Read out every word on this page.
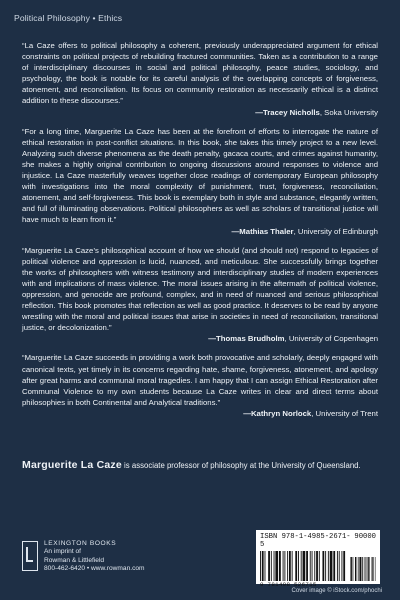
Political Philosophy • Ethics

“La Caze offers to political philosophy a coherent, previously underappreciated argument for ethical constraints on political projects of rebuilding fractured communities. Taken as a contribution to a range of interdisciplinary discourses in social and political philosophy, peace studies, sociology, and psychology, the book is notable for its careful analysis of the overlapping concepts of forgiveness, atonement, and reconciliation. Its focus on community restoration as necessarily ethical is a distinct addition to these discourses.”

—Tracey Nicholls, Soka University

“For a long time, Marguerite La Caze has been at the forefront of efforts to interrogate the nature of ethical restoration in post-conflict situations. In this book, she takes this timely project to a new level. Analyzing such diverse phenomena as the death penalty, gacaca courts, and crimes against humanity, she makes a highly original contribution to ongoing discussions around responses to violence and injustice. La Caze masterfully weaves together close readings of contemporary European philosophy with investigations into the moral complexity of punishment, trust, forgiveness, reconciliation, atonement, and self-forgiveness. This book is exemplary both in style and substance, elegantly written, and full of illuminating observations. Political philosophers as well as scholars of transitional justice will have much to learn from it.”

—Mathias Thaler, University of Edinburgh

“Marguerite La Caze’s philosophical account of how we should (and should not) respond to legacies of political violence and oppression is lucid, nuanced, and meticulous. She successfully brings together the works of philosophers with witness testimony and interdisciplinary studies of modern experiences with and implications of mass violence. The moral issues arising in the aftermath of political violence, oppression, and genocide are profound, complex, and in need of nuanced and serious philosophical reflection. This book promotes that reflection as well as good practice. It deserves to be read by anyone wrestling with the moral and political issues that arise in societies in need of reconciliation, transitional justice, or decolonization.”

—Thomas Brudholm, University of Copenhagen

“Marguerite La Caze succeeds in providing a work both provocative and scholarly, deeply engaged with canonical texts, yet timely in its concerns regarding hate, shame, forgiveness, atonement, and apology after great harms and communal moral tragedies. I am happy that I can assign Ethical Restoration after Communal Violence to my own students because La Caze writes in clear and direct terms about philosophies in both Continental and Analytical traditions.”

—Kathryn Norlock, University of Trent
Marguerite La Caze is associate professor of philosophy at the University of Queensland.
LEXINGTON BOOKS
An imprint of
Rowman & Littlefield
800-462-6420 • www.rowman.com
ISBN 978-1-4985-2671-5
90000
9 781498 526715
Cover image © iStock.com/phochi
